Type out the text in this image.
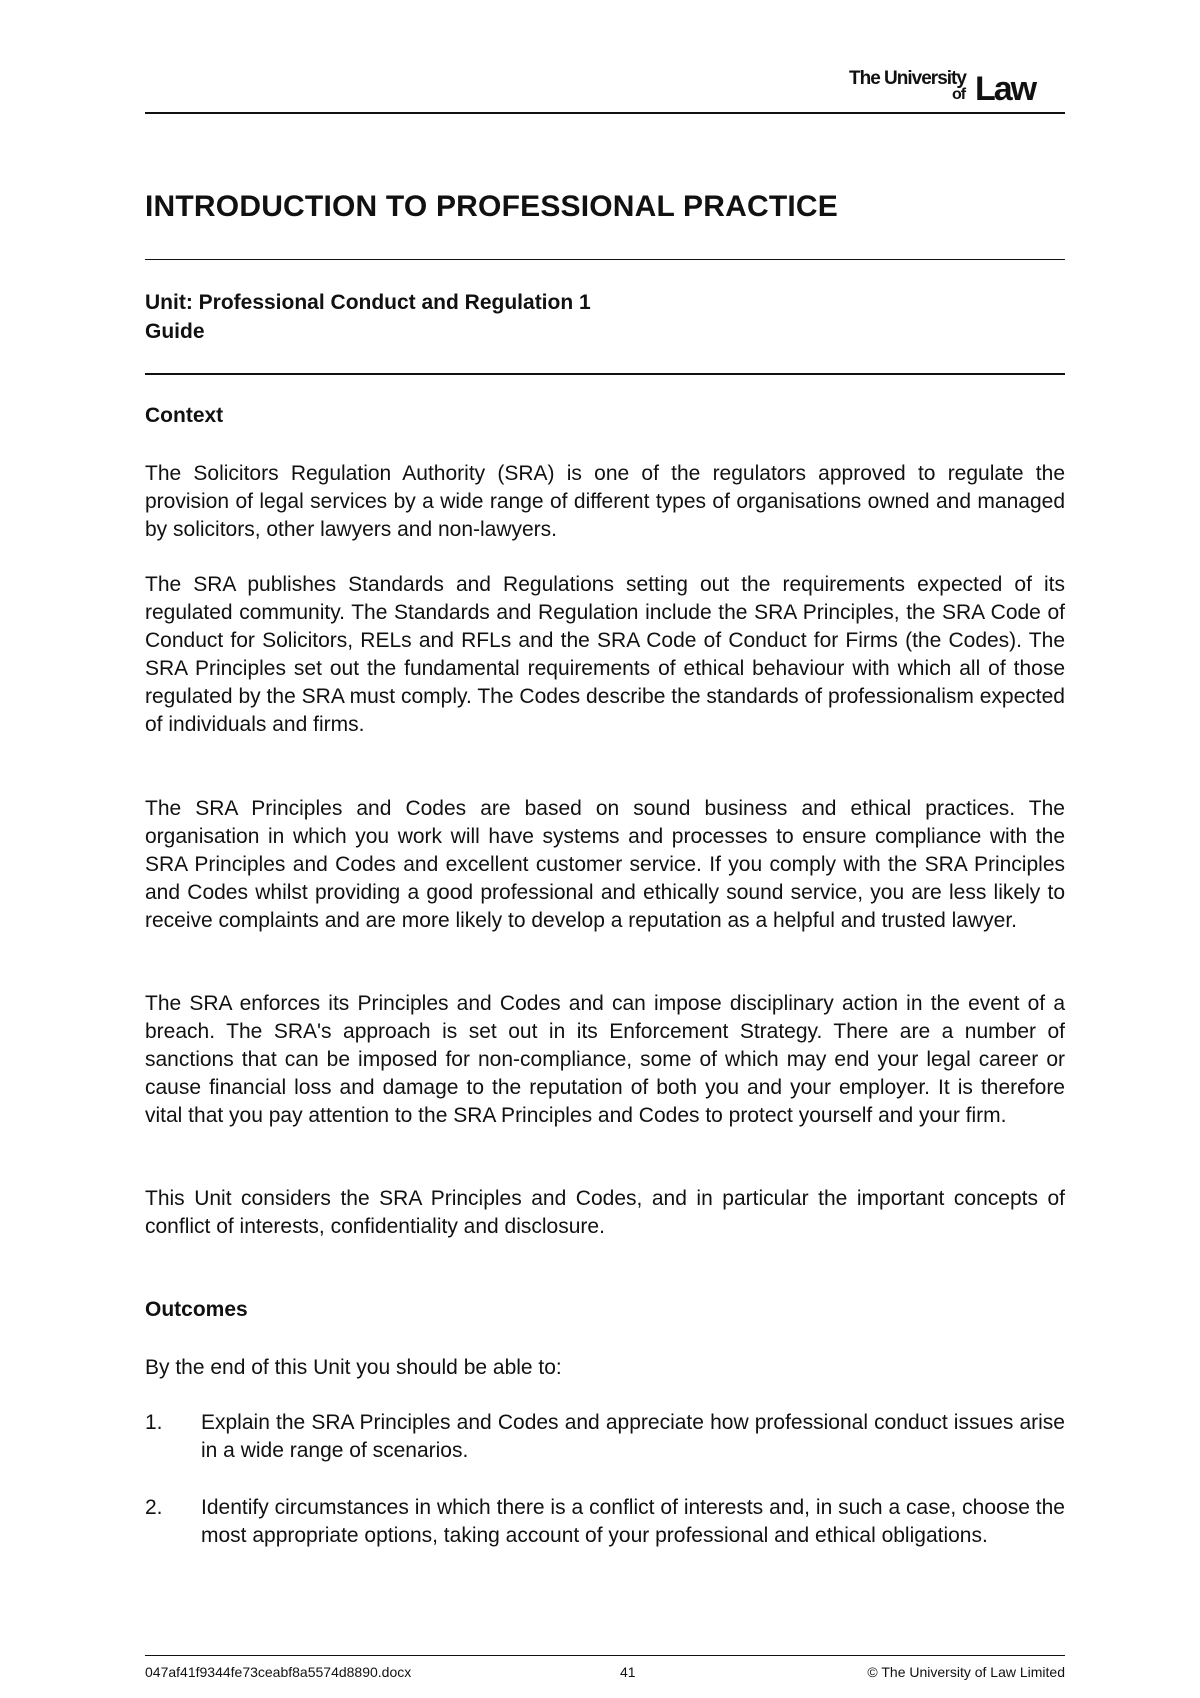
The University
of Law
INTRODUCTION TO PROFESSIONAL PRACTICE
Unit: Professional Conduct and Regulation 1
Guide
Context

The Solicitors Regulation Authority (SRA) is one of the regulators approved to regulate the provision of legal services by a wide range of different types of organisations owned and managed by solicitors, other lawyers and non-lawyers.

The SRA publishes Standards and Regulations setting out the requirements expected of its regulated community. The Standards and Regulation include the SRA Principles, the SRA Code of Conduct for Solicitors, RELs and RFLs and the SRA Code of Conduct for Firms (the Codes). The SRA Principles set out the fundamental requirements of ethical behaviour with which all of those regulated by the SRA must comply. The Codes describe the standards of professionalism expected of individuals and firms.

The SRA Principles and Codes are based on sound business and ethical practices. The organisation in which you work will have systems and processes to ensure compliance with the SRA Principles and Codes and excellent customer service. If you comply with the SRA Principles and Codes whilst providing a good professional and ethically sound service, you are less likely to receive complaints and are more likely to develop a reputation as a helpful and trusted lawyer.

The SRA enforces its Principles and Codes and can impose disciplinary action in the event of a breach. The SRA's approach is set out in its Enforcement Strategy. There are a number of sanctions that can be imposed for non-compliance, some of which may end your legal career or cause financial loss and damage to the reputation of both you and your employer. It is therefore vital that you pay attention to the SRA Principles and Codes to protect yourself and your firm.

This Unit considers the SRA Principles and Codes, and in particular the important concepts of conflict of interests, confidentiality and disclosure.

Outcomes

By the end of this Unit you should be able to:

1. Explain the SRA Principles and Codes and appreciate how professional conduct issues arise in a wide range of scenarios.
2. Identify circumstances in which there is a conflict of interests and, in such a case, choose the most appropriate options, taking account of your professional and ethical obligations.
047af41f9344fe73ceabf8a5574d8890.docx	41	© The University of Law Limited
